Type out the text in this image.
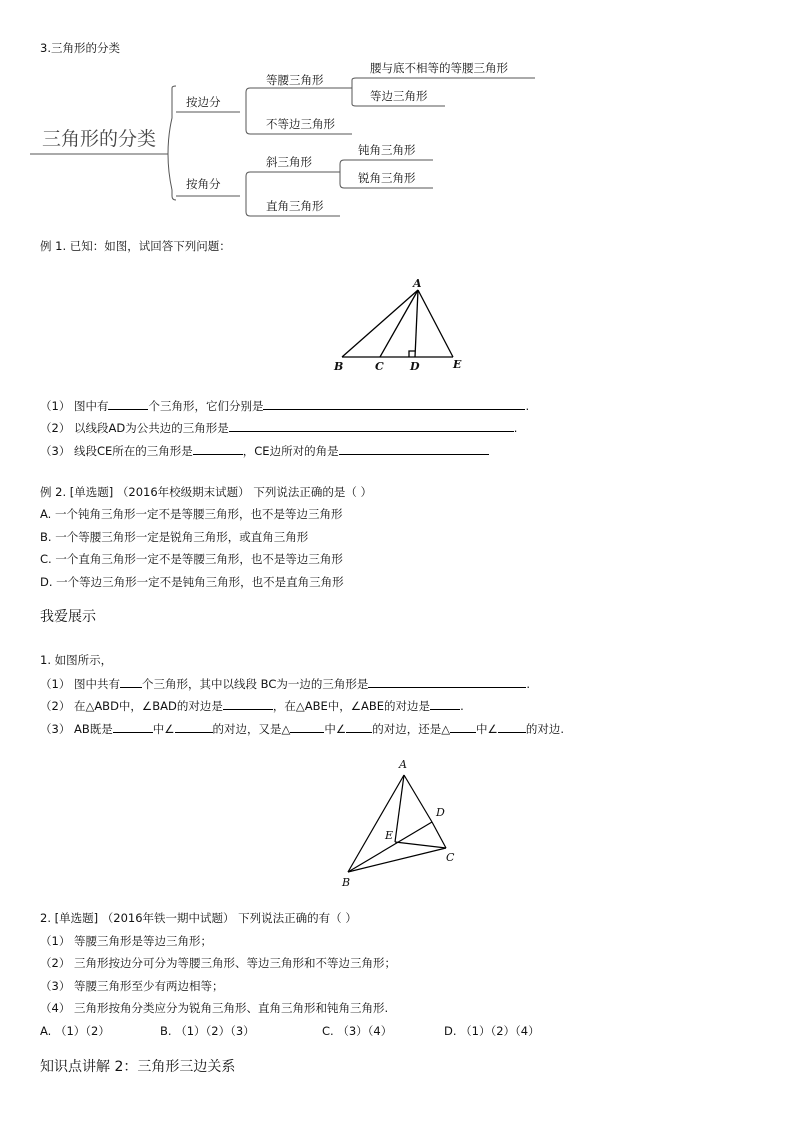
3.三角形的分类
三角形的分类
按边分
等腰三角形
腰与底不相等的等腰三角形
等边三角形
不等边三角形
按角分
斜三角形
钝角三角形
锐角三角形
直角三角形
例 1. 已知：如图，试回答下列问题：
A
B	C D	E
（1） 图中有	个三角形，它们分别是	.
（2） 以线段AD为公共边的三角形是	.
（3） 线段CE所在的三角形是	，CE边所对的角是
例 2. [单选题] （2016年校级期末试题） 下列说法正确的是（ ）
A. 一个钝角三角形一定不是等腰三角形，也不是等边三角形
B. 一个等腰三角形一定是锐角三角形，或直角三角形
C. 一个直角三角形一定不是等腰三角形，也不是等边三角形
D. 一个等边三角形一定不是钝角三角形，也不是直角三角形
我爱展示
1. 如图所示，
（1） 图中共有 个三角形，其中以线段 BC为一边的三角形是	.
（2） 在△ABD中，∠BAD的对边是	，在△ABE中，∠ABE的对边是	.
（3） AB既是	中∠	的对边，又是△	中∠ 的对边，还是△ 中∠ 的对边.
A
D
E
C
B
2. [单选题] （2016年铁一期中试题） 下列说法正确的有（ ）
（1） 等腰三角形是等边三角形；
（2） 三角形按边分可分为等腰三角形、等边三角形和不等边三角形；
（3） 等腰三角形至少有两边相等；
（4） 三角形按角分类应分为锐角三角形、直角三角形和钝角三角形.
A. （1）（2）	B. （1）（2）（3）	C. （3）（4）	D. （1）（2）（4）
知识点讲解 2：三角形三边关系
